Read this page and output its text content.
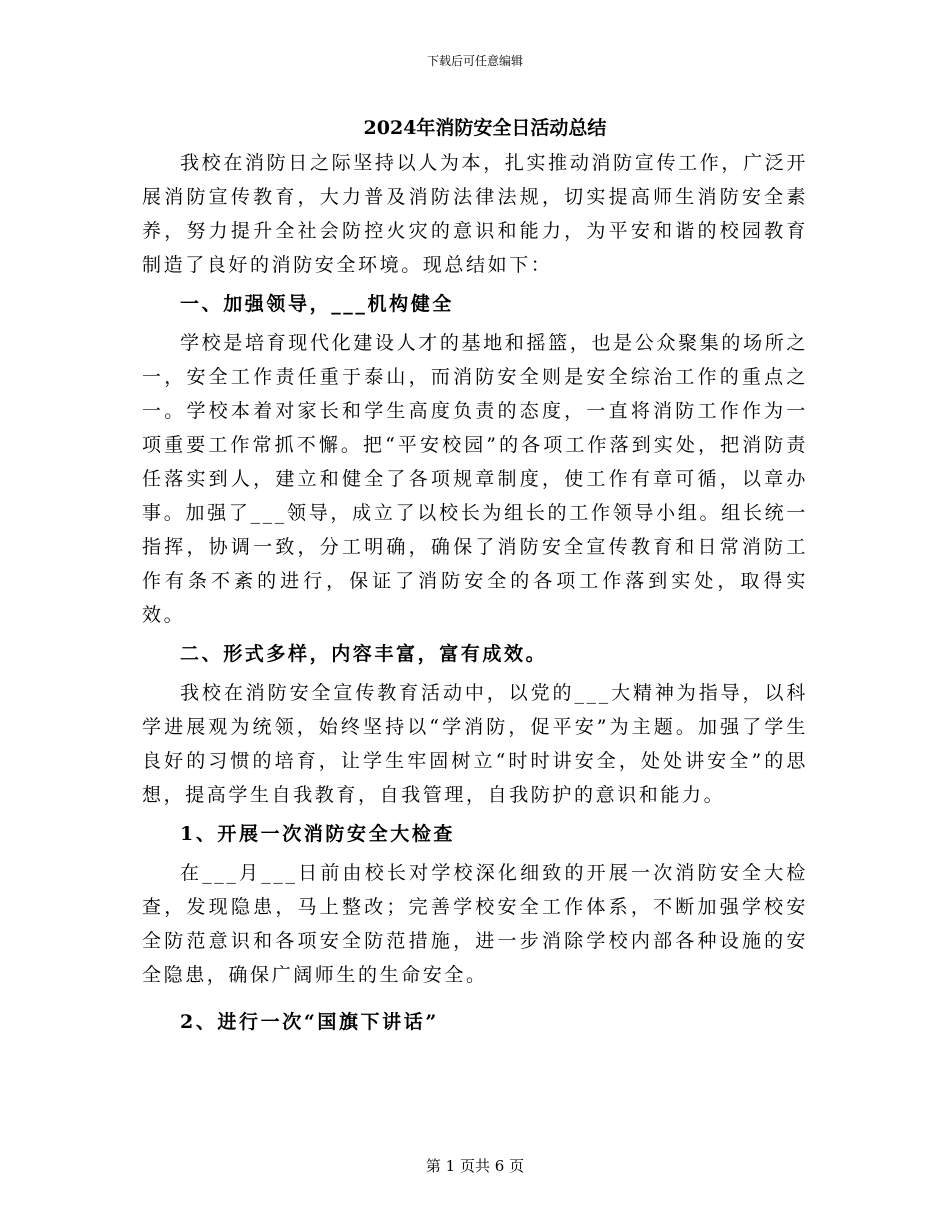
下载后可任意编辑
2024年消防安全日活动总结

我校在消防日之际坚持以人为本，扎实推动消防宣传工作，广泛开展消防宣传教育，大力普及消防法律法规，切实提高师生消防安全素养，努力提升全社会防控火灾的意识和能力，为平安和谐的校园教育制造了良好的消防安全环境。现总结如下：

一、加强领导，___机构健全

学校是培育现代化建设人才的基地和摇篮，也是公众聚集的场所之一，安全工作责任重于泰山，而消防安全则是安全综治工作的重点之一。学校本着对家长和学生高度负责的态度，一直将消防工作作为一项重要工作常抓不懈。把“平安校园”的各项工作落到实处，把消防责任落实到人，建立和健全了各项规章制度，使工作有章可循，以章办事。加强了___领导，成立了以校长为组长的工作领导小组。组长统一指挥，协调一致，分工明确，确保了消防安全宣传教育和日常消防工作有条不紊的进行，保证了消防安全的各项工作落到实处，取得实效。

二、形式多样，内容丰富，富有成效。

我校在消防安全宣传教育活动中，以党的___大精神为指导，以科学进展观为统领，始终坚持以“学消防，促平安”为主题。加强了学生良好的习惯的培育，让学生牢固树立“时时讲安全，处处讲安全”的思想，提高学生自我教育，自我管理，自我防护的意识和能力。

1、开展一次消防安全大检查

在___月___日前由校长对学校深化细致的开展一次消防安全大检查，发现隐患，马上整改；完善学校安全工作体系，不断加强学校安全防范意识和各项安全防范措施，进一步消除学校内部各种设施的安全隐患，确保广阔师生的生命安全。

2、进行一次“国旗下讲话”

第 1 页共 6 页
